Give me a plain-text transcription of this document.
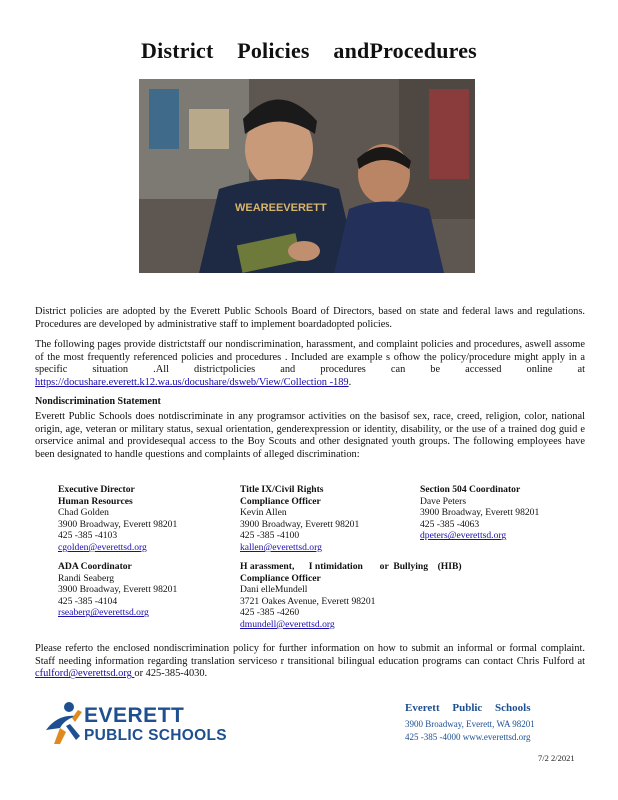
District Policies andProcedures
WEAREEVERETT
District policies are adopted by the Everett Public Schools Board of Directors, based on state and federal laws and regulations. Procedures are developed by administrative staff to implement boardadopted policies.
The following pages provide districtstaff our nondiscrimination, harassment, and complaint policies and procedures, aswell assome of the most frequently referenced policies and procedures . Included are example s ofhow the policy/procedure might apply in a specific situation .All districtpolicies and procedures can be accessed online at https://docushare.everett.k12.wa.us/docushare/dsweb/View/Collection -189.
Nondiscrimination Statement
Everett Public Schools does notdiscriminate in any programsor activities on the basisof sex, race, creed, religion, color, national origin, age, veteran or military status, sexual orientation, genderexpression or identity, disability, or the use of a trained dog guid e orservice animal and providesequal access to the Boy Scouts and other designated youth groups. The following employees have been designated to handle questions and complaints of alleged discrimination:
Executive Director
Human Resources
Chad Golden
3900 Broadway, Everett 98201
425 -385 -4103
cgolden@everettsd.org
Title IX/Civil Rights
Compliance Officer
Kevin Allen
3900 Broadway, Everett 98201
425 -385 -4100
kallen@everettsd.org
Section 504 Coordinator
Dave Peters
3900 Broadway, Everett 98201
425 -385 -4063
dpeters@everettsd.org
ADA Coordinator
Randi Seaberg
3900 Broadway, Everett 98201
425 -385 -4104
rseaberg@everettsd.org
H arassment,      I ntimidation       or  Bullying    (HIB)
Compliance Officer
Dani elleMundell
3721 Oakes Avenue, Everett 98201
425 -385 -4260
dmundell@everettsd.org
Please referto the enclosed nondiscrimination policy for further information on how to submit an informal or formal complaint. Staff needing information regarding translation serviceso r transitional bilingual education programs can contact Chris Fulford at cfulford@everettsd.org or 425-385-4030.
EVERETT
PUBLIC SCHOOLS
Everett Public Schools
3900 Broadway, Everett, WA 98201
425 -385 -4000 www.everettsd.org
7/2 2/2021
